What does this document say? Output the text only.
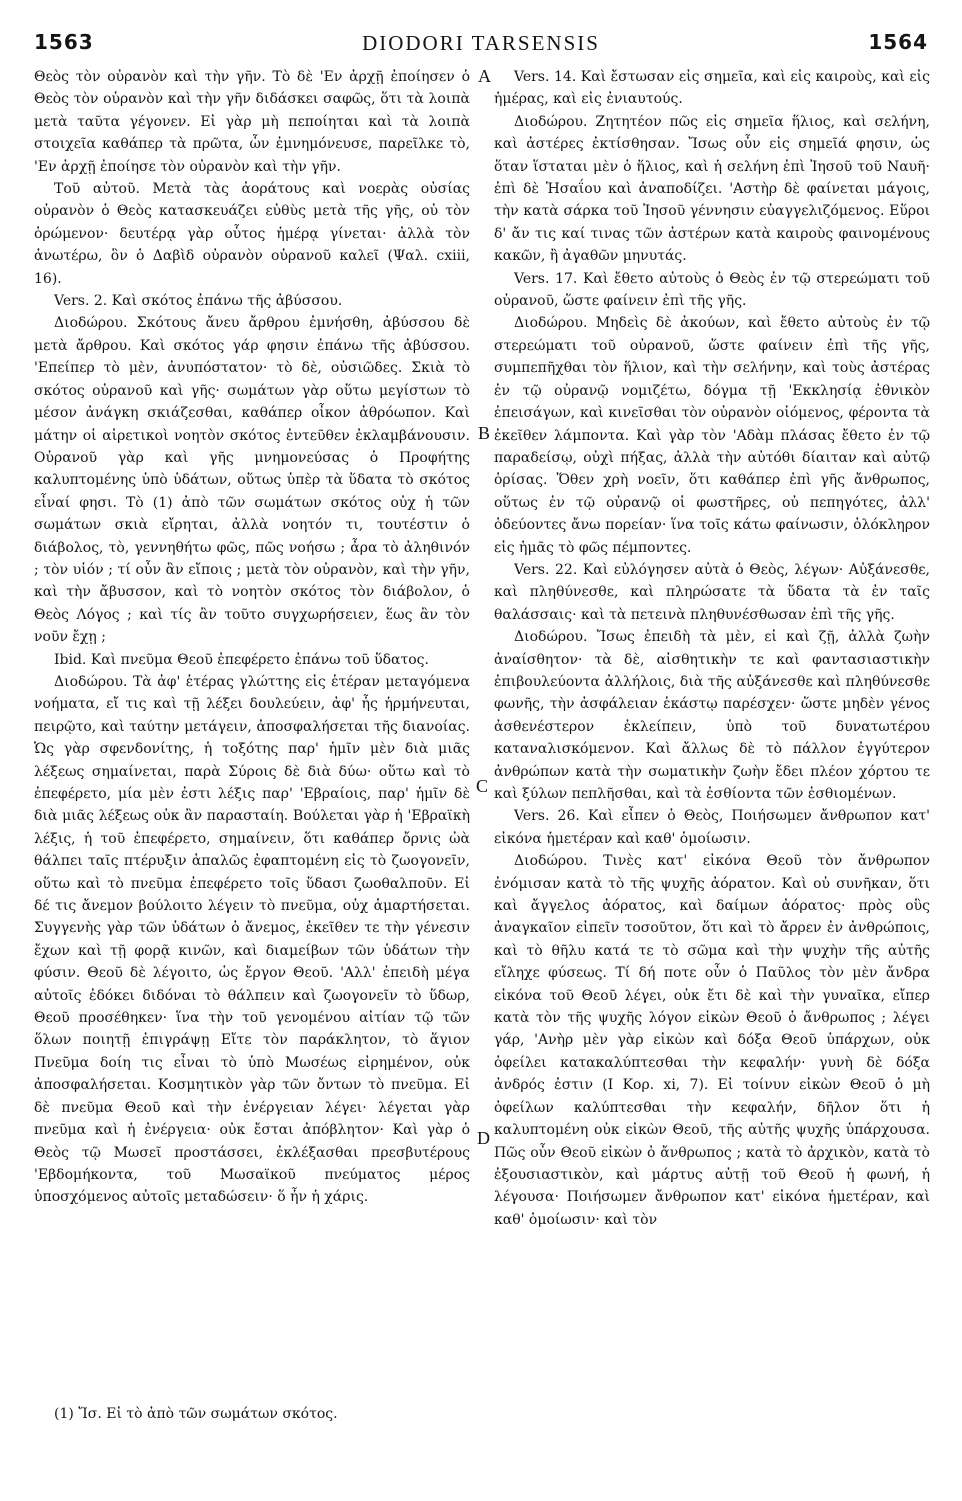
1563	DIODORI TARSENSIS	1564

Θεὸς τὸν οὐρανὸν καὶ τὴν γῆν. Τὸ δὲ 'Εν ἀρχῇ ἐποίησεν ὁ Θεὸς τὸν οὐρανὸν καὶ τὴν γῆν διδάσκει σαφῶς, ὅτι τὰ λοιπὰ μετὰ ταῦτα γέγονεν. Εἰ γὰρ μὴ πεποίηται καὶ τὰ λοιπὰ στοιχεῖα καθάπερ τὰ πρῶτα, ὧν ἐμνημόνευσε, παρεῖλκε τὸ, 'Εν ἀρχῇ ἐποίησε τὸν οὐρανὸν καὶ τὴν γῆν.

Τοῦ αὐτοῦ. Μετὰ τὰς ἀοράτους καὶ νοερὰς οὐσίας οὐρανὸν ὁ Θεὸς κατασκευάζει εὐθὺς μετὰ τῆς γῆς, οὐ τὸν ὁρώμενον· δευτέρᾳ γὰρ οὗτος ἡμέρᾳ γίνεται· ἀλλὰ τὸν ἀνωτέρω, ὃν ὁ Δαβὶδ οὐρανὸν οὐρανοῦ καλεῖ (Ψαλ. cxiii, 16).

Vers. 2. Καὶ σκότος ἐπάνω τῆς ἀβύσσου.

Διοδώρου. Σκότους ἄνευ ἄρθρου ἐμνήσθη, ἀβύσσου δὲ μετὰ ἄρθρου. Καὶ σκότος γάρ φησιν ἐπάνω τῆς ἀβύσσου. 'Επείπερ τὸ μὲν, ἀνυπόστατον· τὸ δὲ, οὐσιῶδες. Σκιὰ τὸ σκότος οὐρανοῦ καὶ γῆς· σωμάτων γὰρ οὕτω μεγίστων τὸ μέσον ἀνάγκη σκιάζεσθαι, καθάπερ οἶκον ἀθρόωπον. Καὶ μάτην οἱ αἱρετικοὶ νοητὸν σκότος ἐντεῦθεν ἐκλαμβάνουσιν. Οὐρανοῦ γὰρ καὶ γῆς μνημονεύσας ὁ Προφήτης καλυπτομένης ὑπὸ ὑδάτων, οὕτως ὑπὲρ τὰ ὕδατα τὸ σκότος εἶναί φησι. Τὸ (1) ἀπὸ τῶν σωμάτων σκότος οὐχ ἡ τῶν σωμάτων σκιὰ εἴρηται, ἀλλὰ νοητόν τι, τουτέστιν ὁ διάβολος, τὸ, γεννηθήτω φῶς, πῶς νοήσω ; ἆρα τὸ ἀληθινόν ; τὸν υἱόν ; τί οὖν ἂν εἴποις ; μετὰ τὸν οὐρανὸν, καὶ τὴν γῆν, καὶ τὴν ἄβυσσον, καὶ τὸ νοητὸν σκότος τὸν διάβολον, ὁ Θεὸς Λόγος ; καὶ τίς ἂν τοῦτο συγχωρήσειεν, ἕως ἂν τὸν νοῦν ἔχῃ ;

Ibid. Καὶ πνεῦμα Θεοῦ ἐπεφέρετο ἐπάνω τοῦ ὕδατος.

Διοδώρου. Τὰ ἀφ' ἑτέρας γλώττης εἰς ἑτέραν μεταγόμενα νοήματα, εἴ τις καὶ τῇ λέξει δουλεύειν, ἀφ' ἧς ἡρμήνευται, πειρῷτο, καὶ ταύτην μετάγειν, ἀποσφαλήσεται τῆς διανοίας. Ὡς γὰρ σφενδονίτης, ἡ τοξότης παρ' ἡμῖν μὲν διὰ μιᾶς λέξεως σημαίνεται, παρὰ Σύροις δὲ διὰ δύω· οὕτω καὶ τὸ ἐπεφέρετο, μία μὲν ἐστι λέξις παρ' 'Εβραίοις, παρ' ἡμῖν δὲ διὰ μιᾶς λέξεως οὐκ ἂν παρασταίη. Βούλεται γὰρ ἡ 'Εβραϊκὴ λέξις, ἡ τοῦ ἐπεφέρετο, σημαίνειν, ὅτι καθάπερ ὄρνις ὠὰ θάλπει ταῖς πτέρυξιν ἁπαλῶς ἐφαπτομένη εἰς τὸ ζωογονεῖν, οὕτω καὶ τὸ πνεῦμα ἐπεφέρετο τοῖς ὕδασι ζωοθαλποῦν. Εἰ δέ τις ἄνεμον βούλοιτο λέγειν τὸ πνεῦμα, οὐχ ἁμαρτήσεται. Συγγενὴς γὰρ τῶν ὑδάτων ὁ ἄνεμος, ἐκεῖθεν τε τὴν γένεσιν ἔχων καὶ τῇ φορᾷ κινῶν, καὶ διαμείβων τῶν ὑδάτων τὴν φύσιν. Θεοῦ δὲ λέγοιτο, ὡς ἔργον Θεοῦ. 'Αλλ' ἐπειδὴ μέγα αὐτοῖς ἐδόκει διδόναι τὸ θάλπειν καὶ ζωογονεῖν τὸ ὕδωρ, Θεοῦ προσέθηκεν· ἵνα τὴν τοῦ γενομένου αἰτίαν τῷ τῶν ὅλων ποιητῇ ἐπιγράψῃ Εἴτε τὸν παράκλητον, τὸ ἅγιον Πνεῦμα δοίη τις εἶναι τὸ ὑπὸ Μωσέως εἰρημένον, οὐκ ἀποσφαλήσεται. Κοσμητικὸν γὰρ τῶν ὄντων τὸ πνεῦμα. Εἰ δὲ πνεῦμα Θεοῦ καὶ τὴν ἐνέργειαν λέγει· λέγεται γὰρ πνεῦμα καὶ ἡ ἐνέργεια· οὐκ ἔσται ἀπόβλητον· Καὶ γὰρ ὁ Θεὸς τῷ Μωσεῖ προστάσσει, ἐκλέξασθαι πρεσβυτέρους 'Εβδομήκοντα, τοῦ Μωσαϊκοῦ πνεύματος μέρος ὑποσχόμενος αὐτοῖς μεταδώσειν· ὅ ἦν ἡ χάρις.

A
B
C
D

Vers. 14. Καὶ ἔστωσαν εἰς σημεῖα, καὶ εἰς καιροὺς, καὶ εἰς ἡμέρας, καὶ εἰς ἐνιαυτούς.

Διοδώρου. Ζητητέον πῶς εἰς σημεῖα ἥλιος, καὶ σελήνη, καὶ ἀστέρες ἐκτίσθησαν. Ἴσως οὖν εἰς σημεῖά φησιν, ὡς ὅταν ἵσταται μὲν ὁ ἥλιος, καὶ ἡ σελήνη ἐπὶ Ἰησοῦ τοῦ Ναυῆ· ἐπὶ δὲ Ἡσαΐου καὶ ἀναποδίζει. 'Αστὴρ δὲ φαίνεται μάγοις, τὴν κατὰ σάρκα τοῦ Ἰησοῦ γέννησιν εὐαγγελιζόμενος. Εὕροι δ' ἄν τις καί τινας τῶν ἀστέρων κατὰ καιροὺς φαινομένους κακῶν, ἢ ἀγαθῶν μηνυτάς.

Vers. 17. Καὶ ἔθετο αὐτοὺς ὁ Θεὸς ἐν τῷ στερεώματι τοῦ οὐρανοῦ, ὥστε φαίνειν ἐπὶ τῆς γῆς.

Διοδώρου. Μηδεὶς δὲ ἀκούων, καὶ ἔθετο αὐτοὺς ἐν τῷ στερεώματι τοῦ οὐρανοῦ, ὥστε φαίνειν ἐπὶ τῆς γῆς, συμπεπῆχθαι τὸν ἥλιον, καὶ τὴν σελήνην, καὶ τοὺς ἀστέρας ἐν τῷ οὐρανῷ νομιζέτω, δόγμα τῇ 'Εκκλησίᾳ ἐθνικὸν ἐπεισάγων, καὶ κινεῖσθαι τὸν οὐρανὸν οἰόμενος, φέροντα τὰ ἐκεῖθεν λάμποντα. Καὶ γὰρ τὸν 'Αδὰμ πλάσας ἔθετο ἐν τῷ παραδείσῳ, οὐχὶ πήξας, ἀλλὰ τὴν αὐτόθι δίαιταν καὶ αὐτῷ ὁρίσας. Ὅθεν χρὴ νοεῖν, ὅτι καθάπερ ἐπὶ γῆς ἄνθρωπος, οὕτως ἐν τῷ οὐρανῷ οἱ φωστῆρες, οὐ πεπηγότες, ἀλλ' ὁδεύοντες ἄνω πορείαν· ἵνα τοῖς κάτω φαίνωσιν, ὁλόκληρον εἰς ἡμᾶς τὸ φῶς πέμποντες.

Vers. 22. Καὶ εὐλόγησεν αὐτὰ ὁ Θεὸς, λέγων· Αὐξάνεσθε, καὶ πληθύνεσθε, καὶ πληρώσατε τὰ ὕδατα τὰ ἐν ταῖς θαλάσσαις· καὶ τὰ πετεινὰ πληθυνέσθωσαν ἐπὶ τῆς γῆς.

Διοδώρου. Ἴσως ἐπειδὴ τὰ μὲν, εἰ καὶ ζῇ, ἀλλὰ ζωὴν ἀναίσθητον· τὰ δὲ, αἰσθητικὴν τε καὶ φαντασιαστικὴν ἐπιβουλεύοντα ἀλλήλοις, διὰ τῆς αὐξάνεσθε καὶ πληθύνεσθε φωνῆς, τὴν ἀσφάλειαν ἑκάστῳ παρέσχεν· ὥστε μηδὲν γένος ἀσθενέστερον ἐκλείπειν, ὑπὸ τοῦ δυνατωτέρου καταναλισκόμενον. Καὶ ἄλλως δὲ τὸ πάλλον ἐγγύτερον ἀνθρώπων κατὰ τὴν σωματικὴν ζωὴν ἔδει πλέον χόρτου τε καὶ ξύλων πεπλῆσθαι, καὶ τὰ ἐσθίοντα τῶν ἐσθιομένων.

Vers. 26. Καὶ εἶπεν ὁ Θεὸς, Ποιήσωμεν ἄνθρωπον κατ' εἰκόνα ἡμετέραν καὶ καθ' ὁμοίωσιν.

Διοδώρου. Τινὲς κατ' εἰκόνα Θεοῦ τὸν ἄνθρωπον ἐνόμισαν κατὰ τὸ τῆς ψυχῆς ἀόρατον. Καὶ οὐ συνῆκαν, ὅτι καὶ ἄγγελος ἀόρατος, καὶ δαίμων ἀόρατος· πρὸς οὓς ἀναγκαῖον εἰπεῖν τοσοῦτον, ὅτι καὶ τὸ ἄρρεν ἐν ἀνθρώποις, καὶ τὸ θῆλυ κατά τε τὸ σῶμα καὶ τὴν ψυχὴν τῆς αὐτῆς εἴληχε φύσεως. Τί δή ποτε οὖν ὁ Παῦλος τὸν μὲν ἄνδρα εἰκόνα τοῦ Θεοῦ λέγει, οὐκ ἔτι δὲ καὶ τὴν γυναῖκα, εἴπερ κατὰ τὸν τῆς ψυχῆς λόγον εἰκὼν Θεοῦ ὁ ἄνθρωπος ; λέγει γάρ, 'Ανὴρ μὲν γὰρ εἰκὼν καὶ δόξα Θεοῦ ὑπάρχων, οὐκ ὀφείλει κατακαλύπτεσθαι τὴν κεφαλήν· γυνὴ δὲ δόξα ἀνδρός ἐστιν (I Κορ. xi, 7). Εἰ τοίνυν εἰκὼν Θεοῦ ὁ μὴ ὀφείλων καλύπτεσθαι τὴν κεφαλήν, δῆλον ὅτι ἡ καλυπτομένη οὐκ εἰκὼν Θεοῦ, τῆς αὐτῆς ψυχῆς ὑπάρχουσα. Πῶς οὖν Θεοῦ εἰκὼν ὁ ἄνθρωπος ; κατὰ τὸ ἀρχικὸν, κατὰ τὸ ἐξουσιαστικὸν, καὶ μάρτυς αὐτῇ τοῦ Θεοῦ ἡ φωνή, ἡ λέγουσα· Ποιήσωμεν ἄνθρωπον κατ' εἰκόνα ἡμετέραν, καὶ καθ' ὁμοίωσιν· καὶ τὸν

(1) Ἴσ. Εἰ τὸ ἀπὸ τῶν σωμάτων σκότος.
